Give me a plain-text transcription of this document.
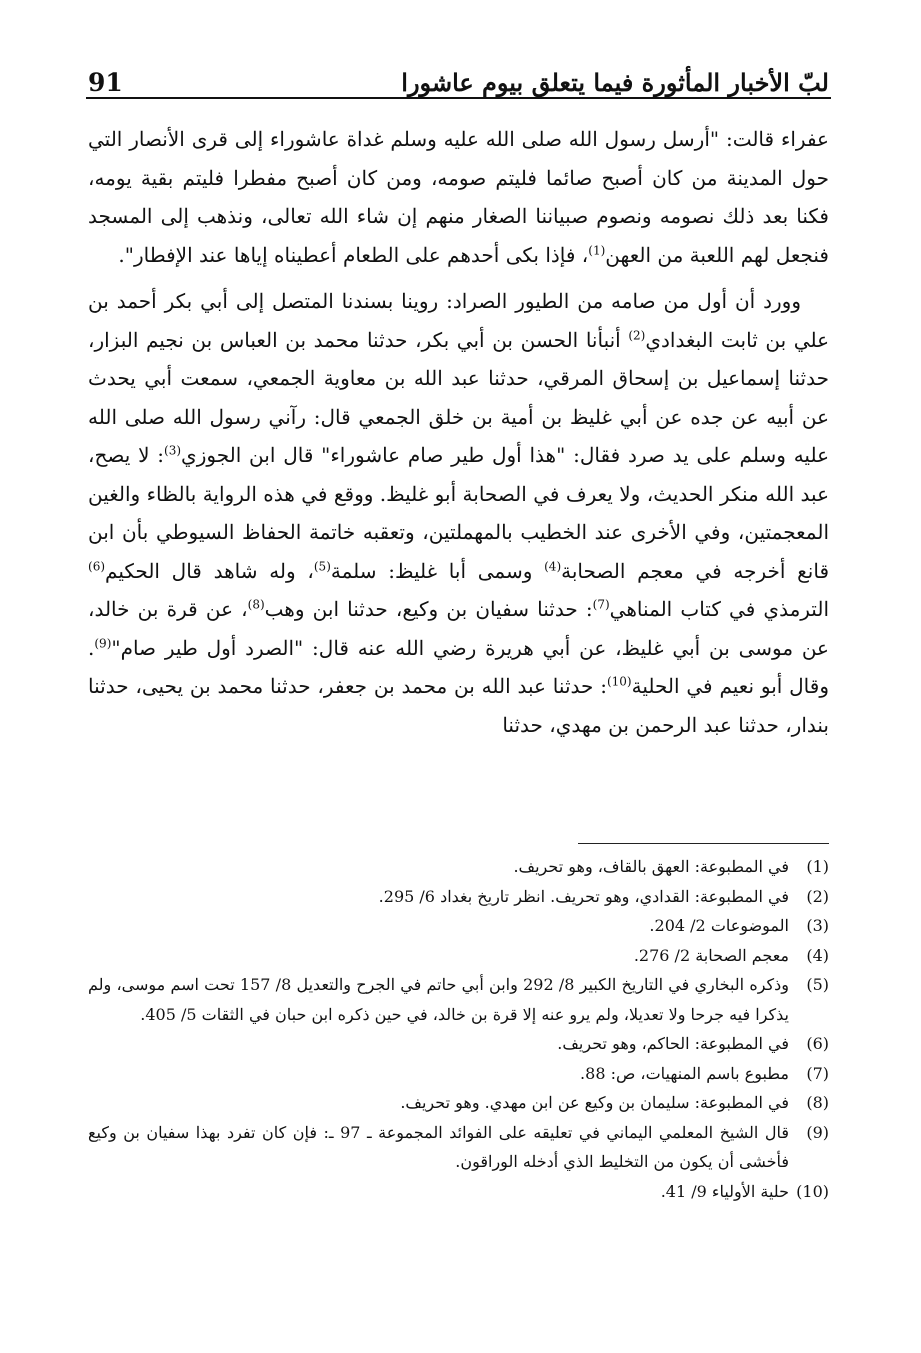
لبّ الأخبار المأثورة فيما يتعلق بيوم عاشورا
91

عفراء قالت: "أرسل رسول الله صلى الله عليه وسلم غداة عاشوراء إلى قرى الأنصار التي حول المدينة من كان أصبح صائما فليتم صومه، ومن كان أصبح مفطرا فليتم بقية يومه، فكنا بعد ذلك نصومه ونصوم صبياننا الصغار منهم إن شاء الله تعالى، ونذهب إلى المسجد فنجعل لهم اللعبة من العهن$^{(1)}$، فإذا بكى أحدهم على الطعام أعطيناه إياها عند الإفطار".

وورد أن أول من صامه من الطيور الصراد: روينا بسندنا المتصل إلى أبي بكر أحمد بن علي بن ثابت البغدادي$^{(2)}$ أنبأنا الحسن بن أبي بكر، حدثنا محمد بن العباس بن نجيم البزار، حدثنا إسماعيل بن إسحاق المرقي، حدثنا عبد الله بن معاوية الجمعي، سمعت أبي يحدث عن أبيه عن جده عن أبي غليظ بن أمية بن خلق الجمعي قال: رآني رسول الله صلى الله عليه وسلم على يد صرد فقال: "هذا أول طير صام عاشوراء" قال ابن الجوزي$^{(3)}$: لا يصح، عبد الله منكر الحديث، ولا يعرف في الصحابة أبو غليظ. ووقع في هذه الرواية بالظاء والغين المعجمتين، وفي الأخرى عند الخطيب بالمهملتين، وتعقبه خاتمة الحفاظ السيوطي بأن ابن قانع أخرجه في معجم الصحابة$^{(4)}$ وسمى أبا غليظ: سلمة$^{(5)}$، وله شاهد قال الحكيم$^{(6)}$ الترمذي في كتاب المناهي$^{(7)}$: حدثنا سفيان بن وكيع، حدثنا ابن وهب$^{(8)}$، عن قرة بن خالد، عن موسى بن أبي غليظ، عن أبي هريرة رضي الله عنه قال: "الصرد أول طير صام"$^{(9)}$. وقال أبو نعيم في الحلية$^{(10)}$: حدثنا عبد الله بن محمد بن جعفر، حدثنا محمد بن يحيى، حدثنا بندار، حدثنا عبد الرحمن بن مهدي، حدثنا

(1)
في المطبوعة: العهق بالقاف، وهو تحريف.
(2)
في المطبوعة: القدادي، وهو تحريف. انظر تاريخ بغداد 6/ 295.
(3)
الموضوعات 2/ 204.
(4)
معجم الصحابة 2/ 276.
(5)
وذكره البخاري في التاريخ الكبير 8/ 292 وابن أبي حاتم في الجرح والتعديل 8/ 157 تحت اسم موسى، ولم يذكرا فيه جرحا ولا تعديلا، ولم يرو عنه إلا قرة بن خالد، في حين ذكره ابن حبان في الثقات 5/ 405.
(6)
في المطبوعة: الحاكم، وهو تحريف.
(7)
مطبوع باسم المنهيات، ص: 88.
(8)
في المطبوعة: سليمان بن وكيع عن ابن مهدي. وهو تحريف.
(9)
قال الشيخ المعلمي اليماني في تعليقه على الفوائد المجموعة ـ 97 ـ: فإن كان تفرد بهذا سفيان بن وكيع فأخشى أن يكون من التخليط الذي أدخله الوراقون.
(10)
حلية الأولياء 9/ 41.
